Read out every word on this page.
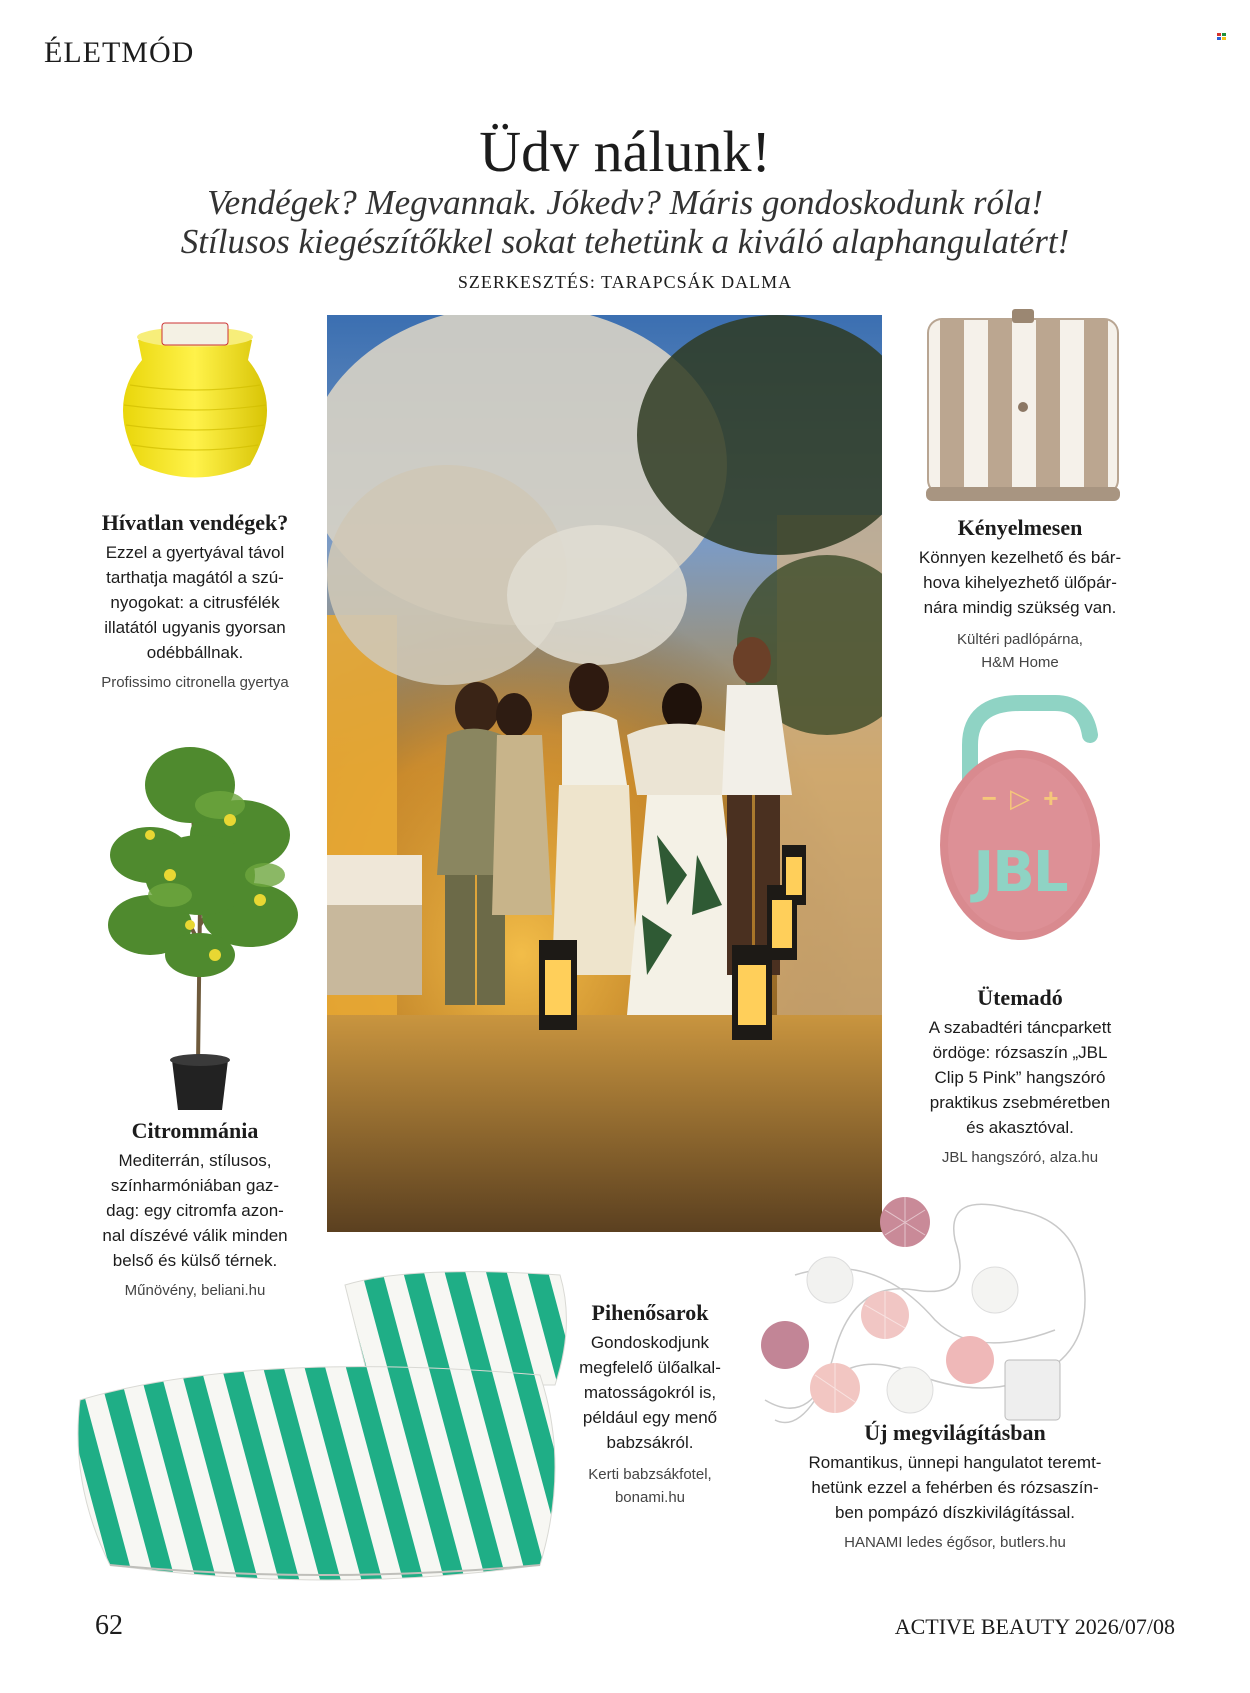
ÉLETMÓD
Üdv nálunk!
Vendégek? Megvannak. Jókedv? Máris gondoskodunk róla!
Stílusos kiegészítőkkel sokat tehetünk a kiváló alaphangulatért!
SZERKESZTÉS: TARAPCSÁK DALMA
Hívatlan vendégek?

Ezzel a gyertyával távol

tarthatja magától a szú-

nyogokat: a citrusfélék

illatától ugyanis gyorsan

odébbállnak.

Profissimo citronella gyertya

Kényelmesen

Könnyen kezelhető és bár-

hova kihelyezhető ülőpár-

nára mindig szükség van.

Kültéri padlópárna,

H&M Home

− ▷ +
JBL
Ütemadó

A szabadtéri táncparkett

ördöge: rózsaszín „JBL

Clip 5 Pink” hangszóró

praktikus zsebméretben

és akasztóval.

JBL hangszóró, alza.hu

Citrommánia

Mediterrán, stílusos,

színharmóniában gaz-

dag: egy citromfa azon-

nal díszévé válik minden

belső és külső térnek.

Műnövény, beliani.hu

Pihenősarok

Gondoskodjunk

megfelelő ülőalkal-

matosságokról is,

például egy menő

babzsákról.

Kerti babzsákfotel,

bonami.hu

Új megvilágításban

Romantikus, ünnepi hangulatot teremt-

hetünk ezzel a fehérben és rózsaszín-

ben pompázó díszkivilágítással.

HANAMI ledes égősor, butlers.hu

62	ACTIVE BEAUTY 2026/07/08
